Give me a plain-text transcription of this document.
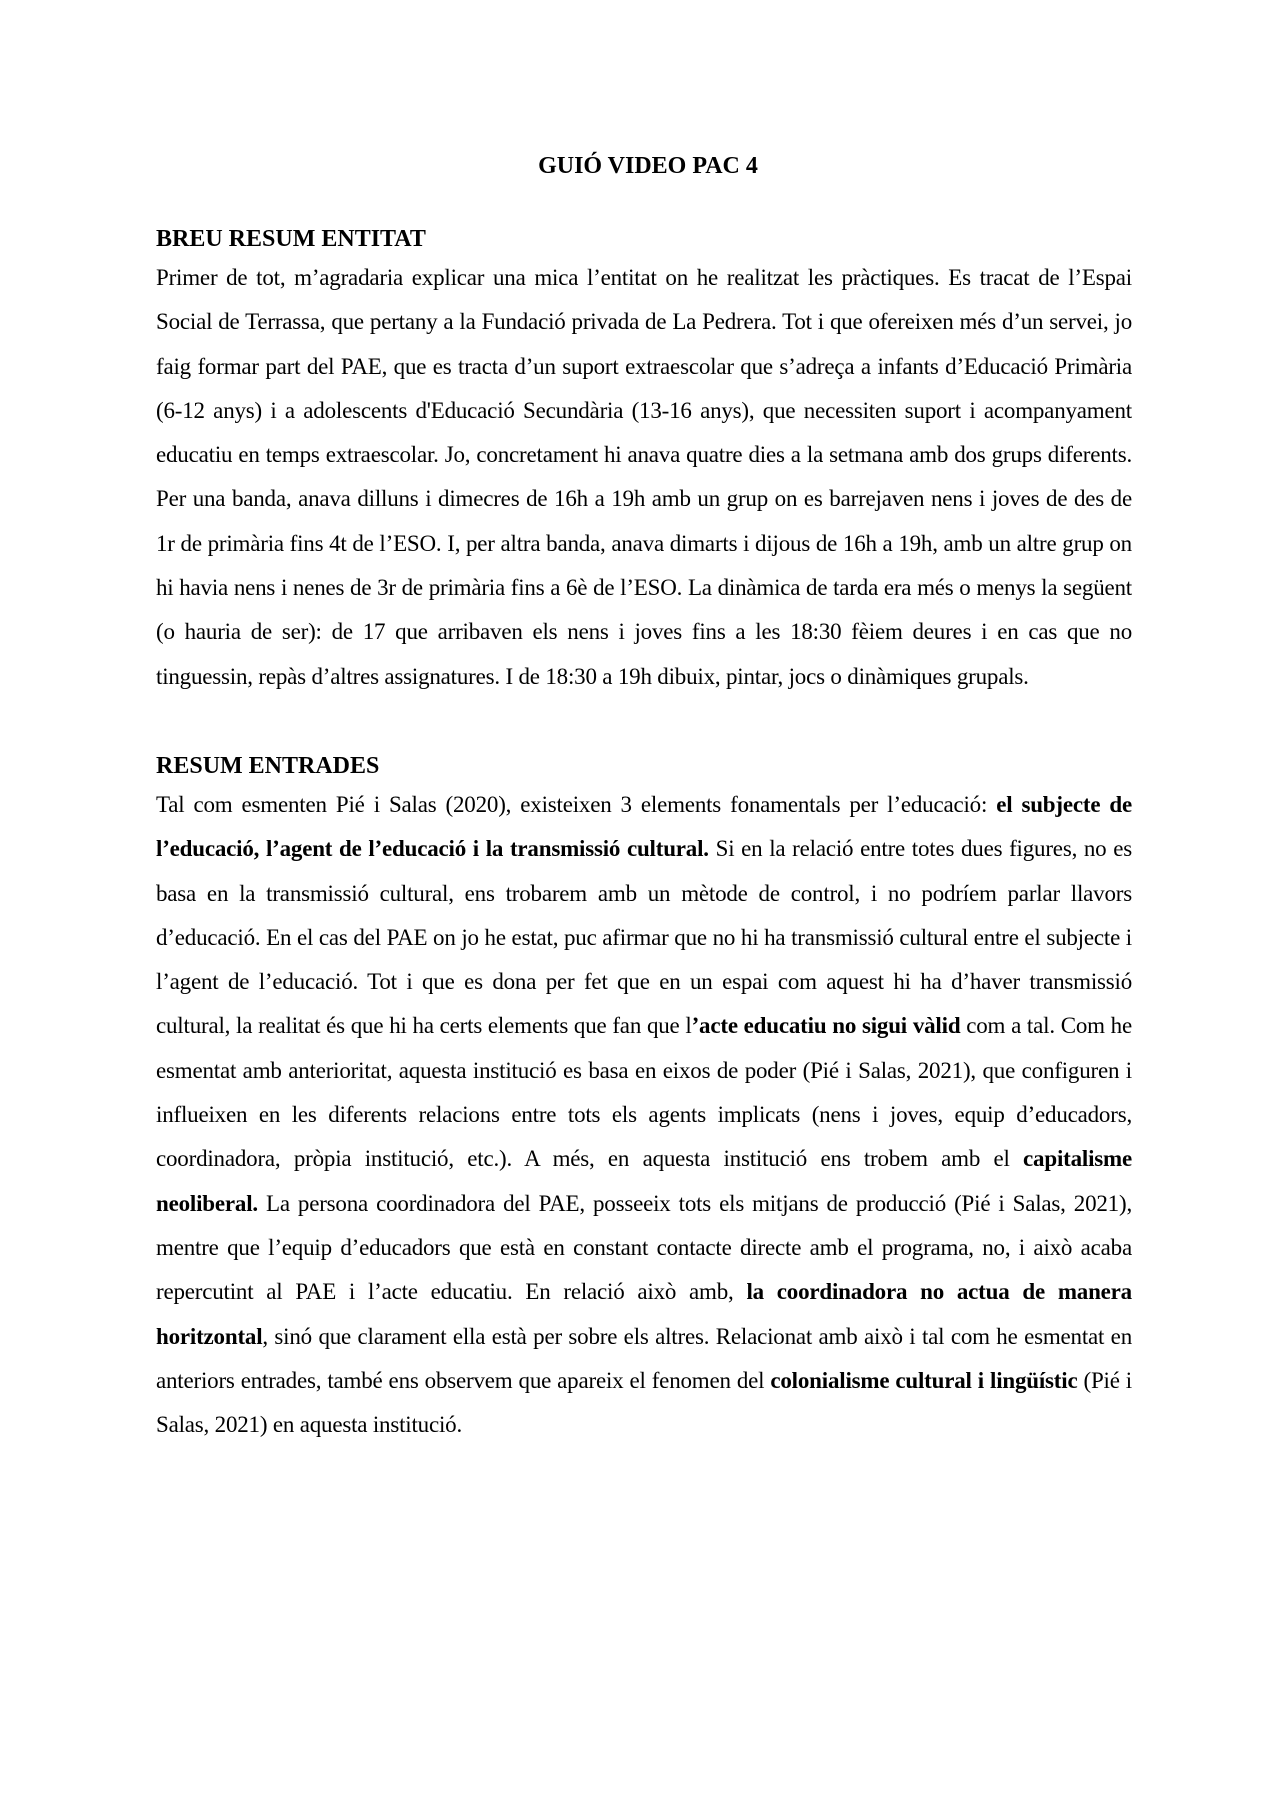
GUIÓ VIDEO PAC 4
BREU RESUM ENTITAT

Primer de tot, m’agradaria explicar una mica l’entitat on he realitzat les pràctiques. Es tracat de l’Espai Social de Terrassa, que pertany a la Fundació privada de La Pedrera. Tot i que ofereixen més d’un servei, jo faig formar part del PAE, que es tracta d’un suport extraescolar que s’adreça a infants d’Educació Primària (6-12 anys) i a adolescents d'Educació Secundària (13-16 anys), que necessiten suport i acompanyament educatiu en temps extraescolar. Jo, concretament hi anava quatre dies a la setmana amb dos grups diferents. Per una banda, anava dilluns i dimecres de 16h a 19h amb un grup on es barrejaven nens i joves de des de 1r de primària fins 4t de l’ESO. I, per altra banda, anava dimarts i dijous de 16h a 19h, amb un altre grup on hi havia nens i nenes de 3r de primària fins a 6è de l’ESO. La dinàmica de tarda era més o menys la següent (o hauria de ser): de 17 que arribaven els nens i joves fins a les 18:30 fèiem deures i en cas que no tinguessin, repàs d’altres assignatures. I de 18:30 a 19h dibuix, pintar, jocs o dinàmiques grupals.

RESUM ENTRADES

Tal com esmenten Pié i Salas (2020), existeixen 3 elements fonamentals per l’educació: el subjecte de l’educació, l’agent de l’educació i la transmissió cultural. Si en la relació entre totes dues figures, no es basa en la transmissió cultural, ens trobarem amb un mètode de control, i no podríem parlar llavors d’educació. En el cas del PAE on jo he estat, puc afirmar que no hi ha transmissió cultural entre el subjecte i l’agent de l’educació. Tot i que es dona per fet que en un espai com aquest hi ha d’haver transmissió cultural, la realitat és que hi ha certs elements que fan que l’acte educatiu no sigui vàlid com a tal. Com he esmentat amb anterioritat, aquesta institució es basa en eixos de poder (Pié i Salas, 2021), que configuren i influeixen en les diferents relacions entre tots els agents implicats (nens i joves, equip d’educadors, coordinadora, pròpia institució, etc.). A més, en aquesta institució ens trobem amb el capitalisme neoliberal. La persona coordinadora del PAE, posseeix tots els mitjans de producció (Pié i Salas, 2021), mentre que l’equip d’educadors que està en constant contacte directe amb el programa, no, i això acaba repercutint al PAE i l’acte educatiu. En relació això amb, la coordinadora no actua de manera horitzontal, sinó que clarament ella està per sobre els altres. Relacionat amb això i tal com he esmentat en anteriors entrades, també ens observem que apareix el fenomen del colonialisme cultural i lingüístic (Pié i Salas, 2021) en aquesta institució.
